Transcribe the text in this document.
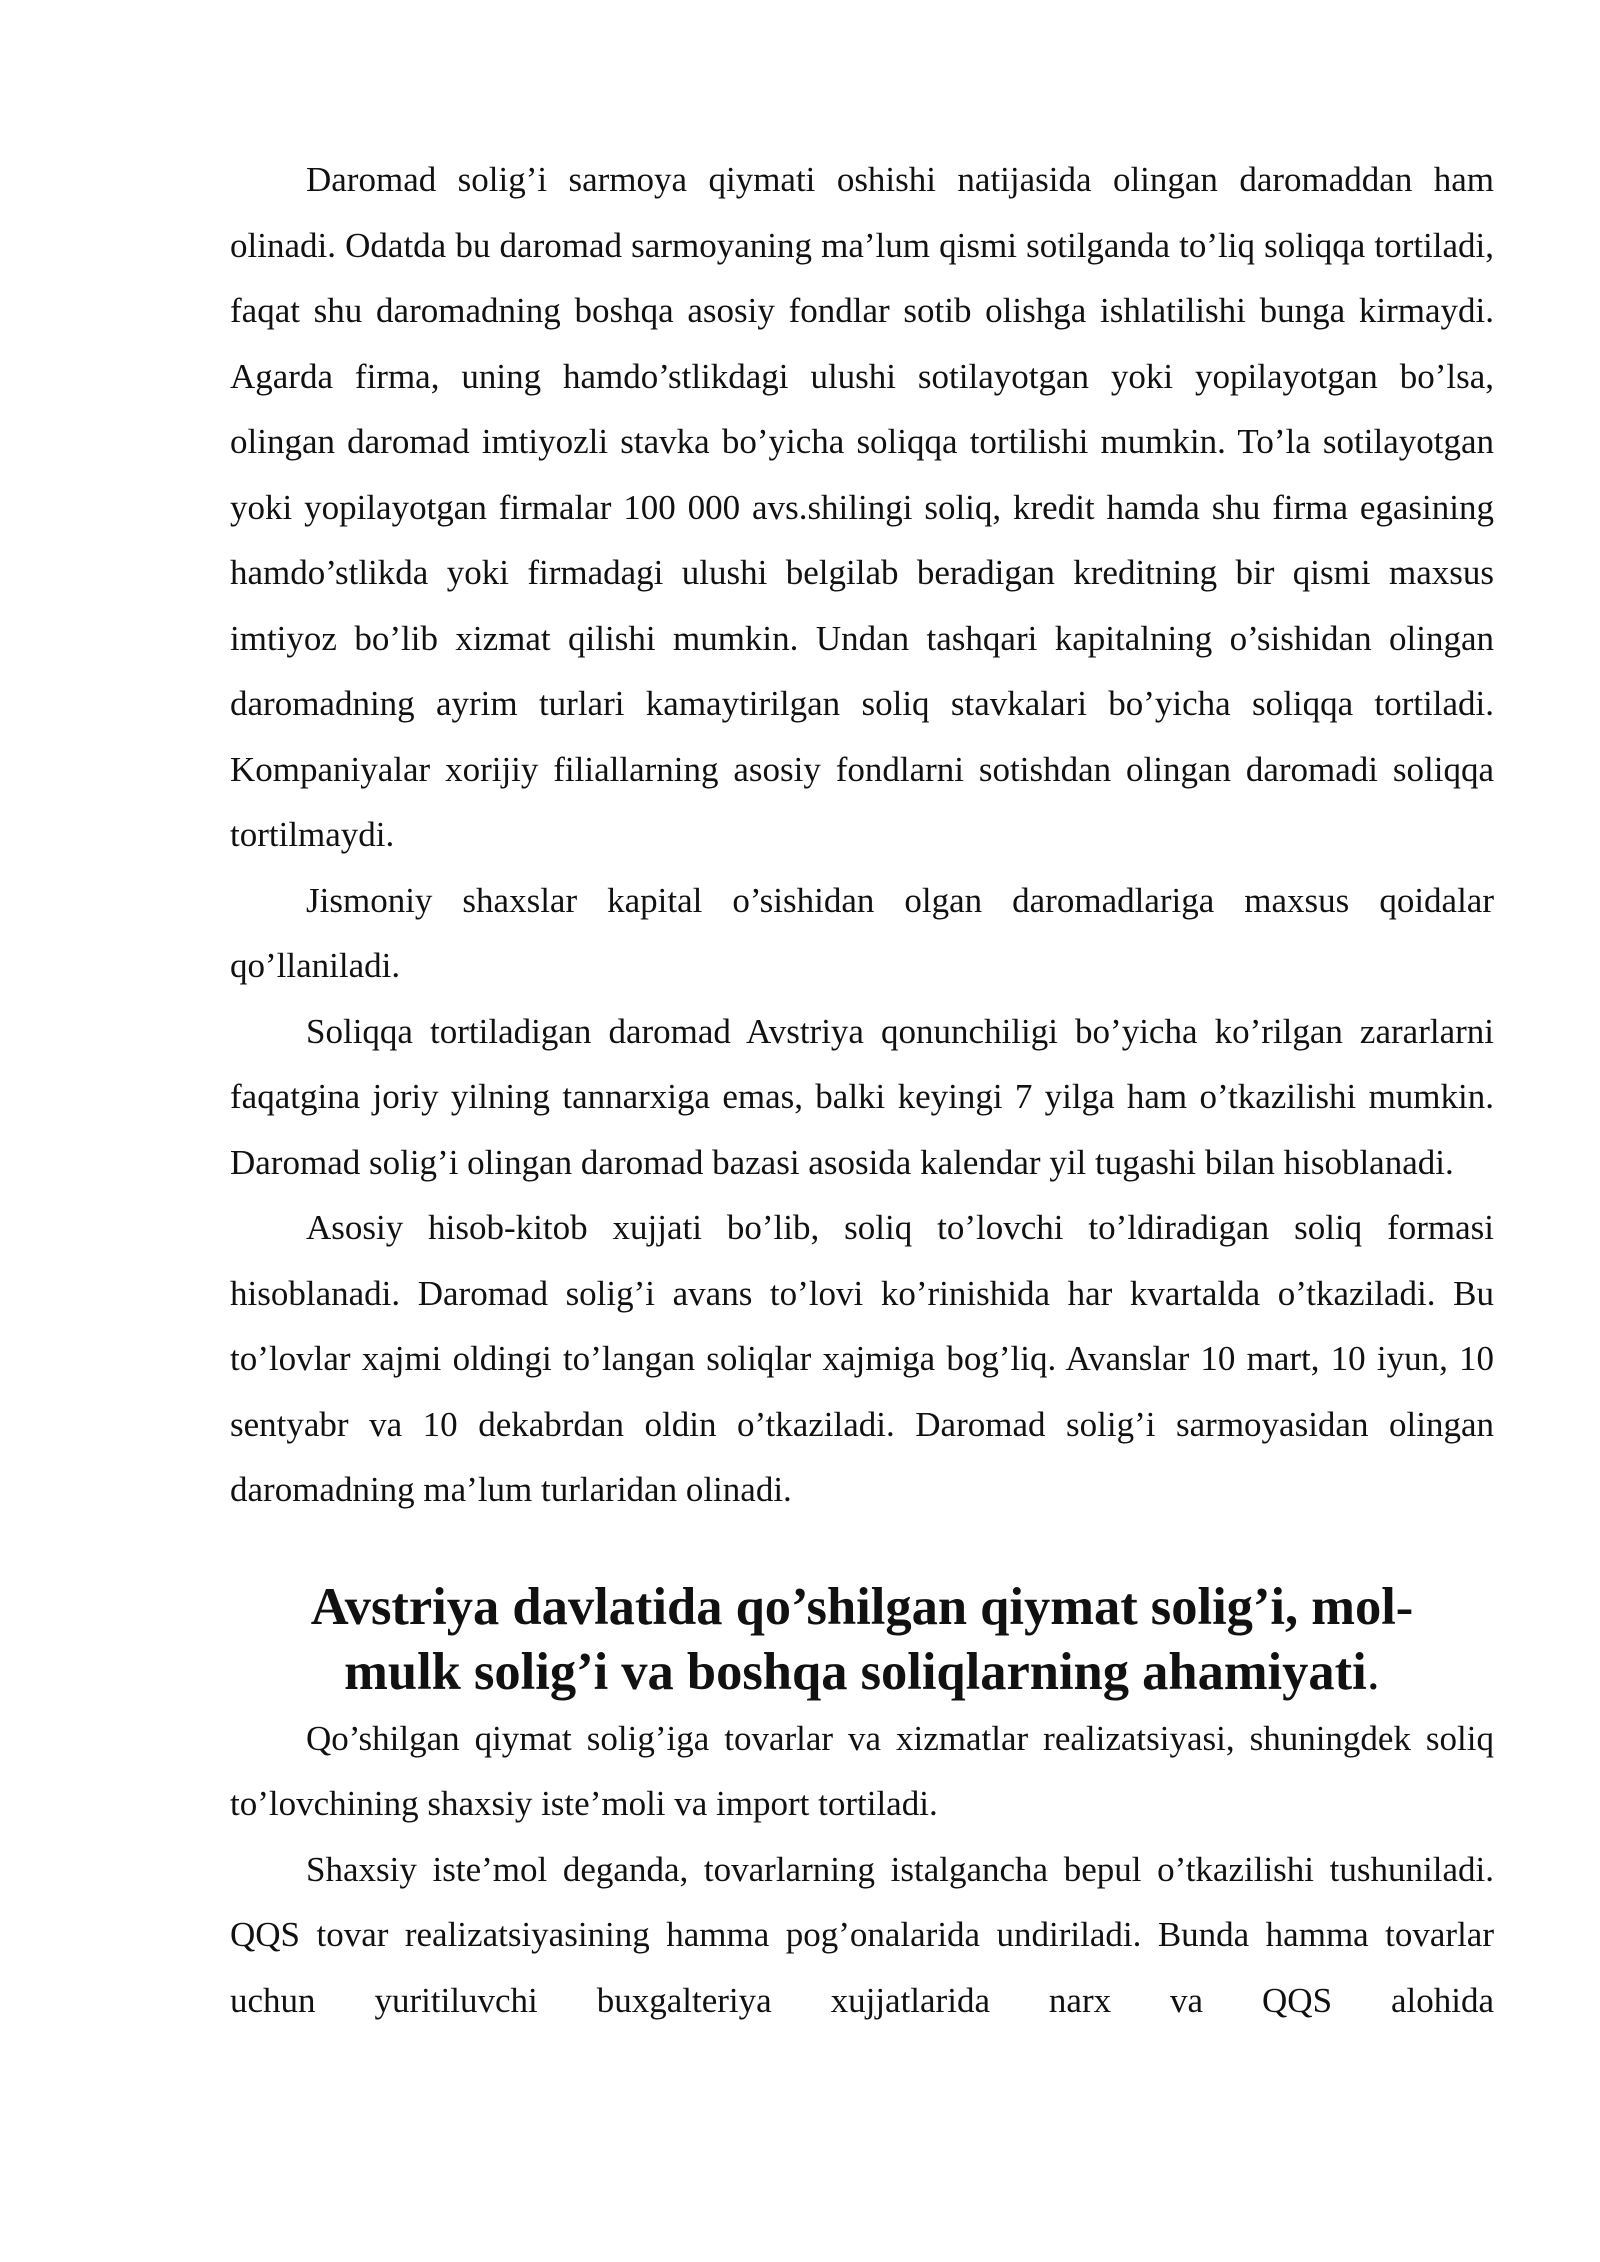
Daromad solig’i sarmoya qiymati oshishi natijasida olingan daromaddan ham olinadi. Odatda bu daromad sarmoyaning ma’lum qismi sotilganda to’liq soliqqa tortiladi, faqat shu daromadning boshqa asosiy fondlar sotib olishga ishlatilishi bunga kirmaydi. Agarda firma, uning hamdo’stlikdagi ulushi sotilayotgan yoki yopilayotgan bo’lsa, olingan daromad imtiyozli stavka bo’yicha soliqqa tortilishi mumkin. To’la sotilayotgan yoki yopilayotgan firmalar 100 000 avs.shilingi soliq, kredit hamda shu firma egasining hamdo’stlikda yoki firmadagi ulushi belgilab beradigan kreditning bir qismi maxsus imtiyoz bo’lib xizmat qilishi mumkin. Undan tashqari kapitalning o’sishidan olingan daromadning ayrim turlari kamaytirilgan soliq stavkalari bo’yicha soliqqa tortiladi. Kompaniyalar xorijiy filiallarning asosiy fondlarni sotishdan olingan daromadi soliqqa tortilmaydi.

Jismoniy shaxslar kapital o’sishidan olgan daromadlariga maxsus qoidalar qo’llaniladi.

Soliqqa tortiladigan daromad Avstriya qonunchiligi bo’yicha ko’rilgan zararlarni faqatgina joriy yilning tannarxiga emas, balki keyingi 7 yilga ham o’tkazilishi mumkin. Daromad solig’i olingan daromad bazasi asosida kalendar yil tugashi bilan hisoblanadi.

Asosiy hisob-kitob xujjati bo’lib, soliq to’lovchi to’ldiradigan soliq formasi hisoblanadi. Daromad solig’i avans to’lovi ko’rinishida har kvartalda o’tkaziladi. Bu to’lovlar xajmi oldingi to’langan soliqlar xajmiga bog’liq. Avanslar 10 mart, 10 iyun, 10 sentyabr va 10 dekabrdan oldin o’tkaziladi. Daromad solig’i sarmoyasidan olingan daromadning ma’lum turlaridan olinadi.

Avstriya davlatida qo’shilgan qiymat solig’i, mol-mulk solig’i va boshqa soliqlarning ahamiyati.

Qo’shilgan qiymat solig’iga tovarlar va xizmatlar realizatsiyasi, shuningdek soliq to’lovchining shaxsiy iste’moli va import tortiladi.

Shaxsiy iste’mol deganda, tovarlarning istalgancha bepul o’tkazilishi tushuniladi. QQS tovar realizatsiyasining hamma pog’onalarida undiriladi. Bunda hamma tovarlar uchun yuritiluvchi buxgalteriya xujjatlarida narx va QQS alohida
